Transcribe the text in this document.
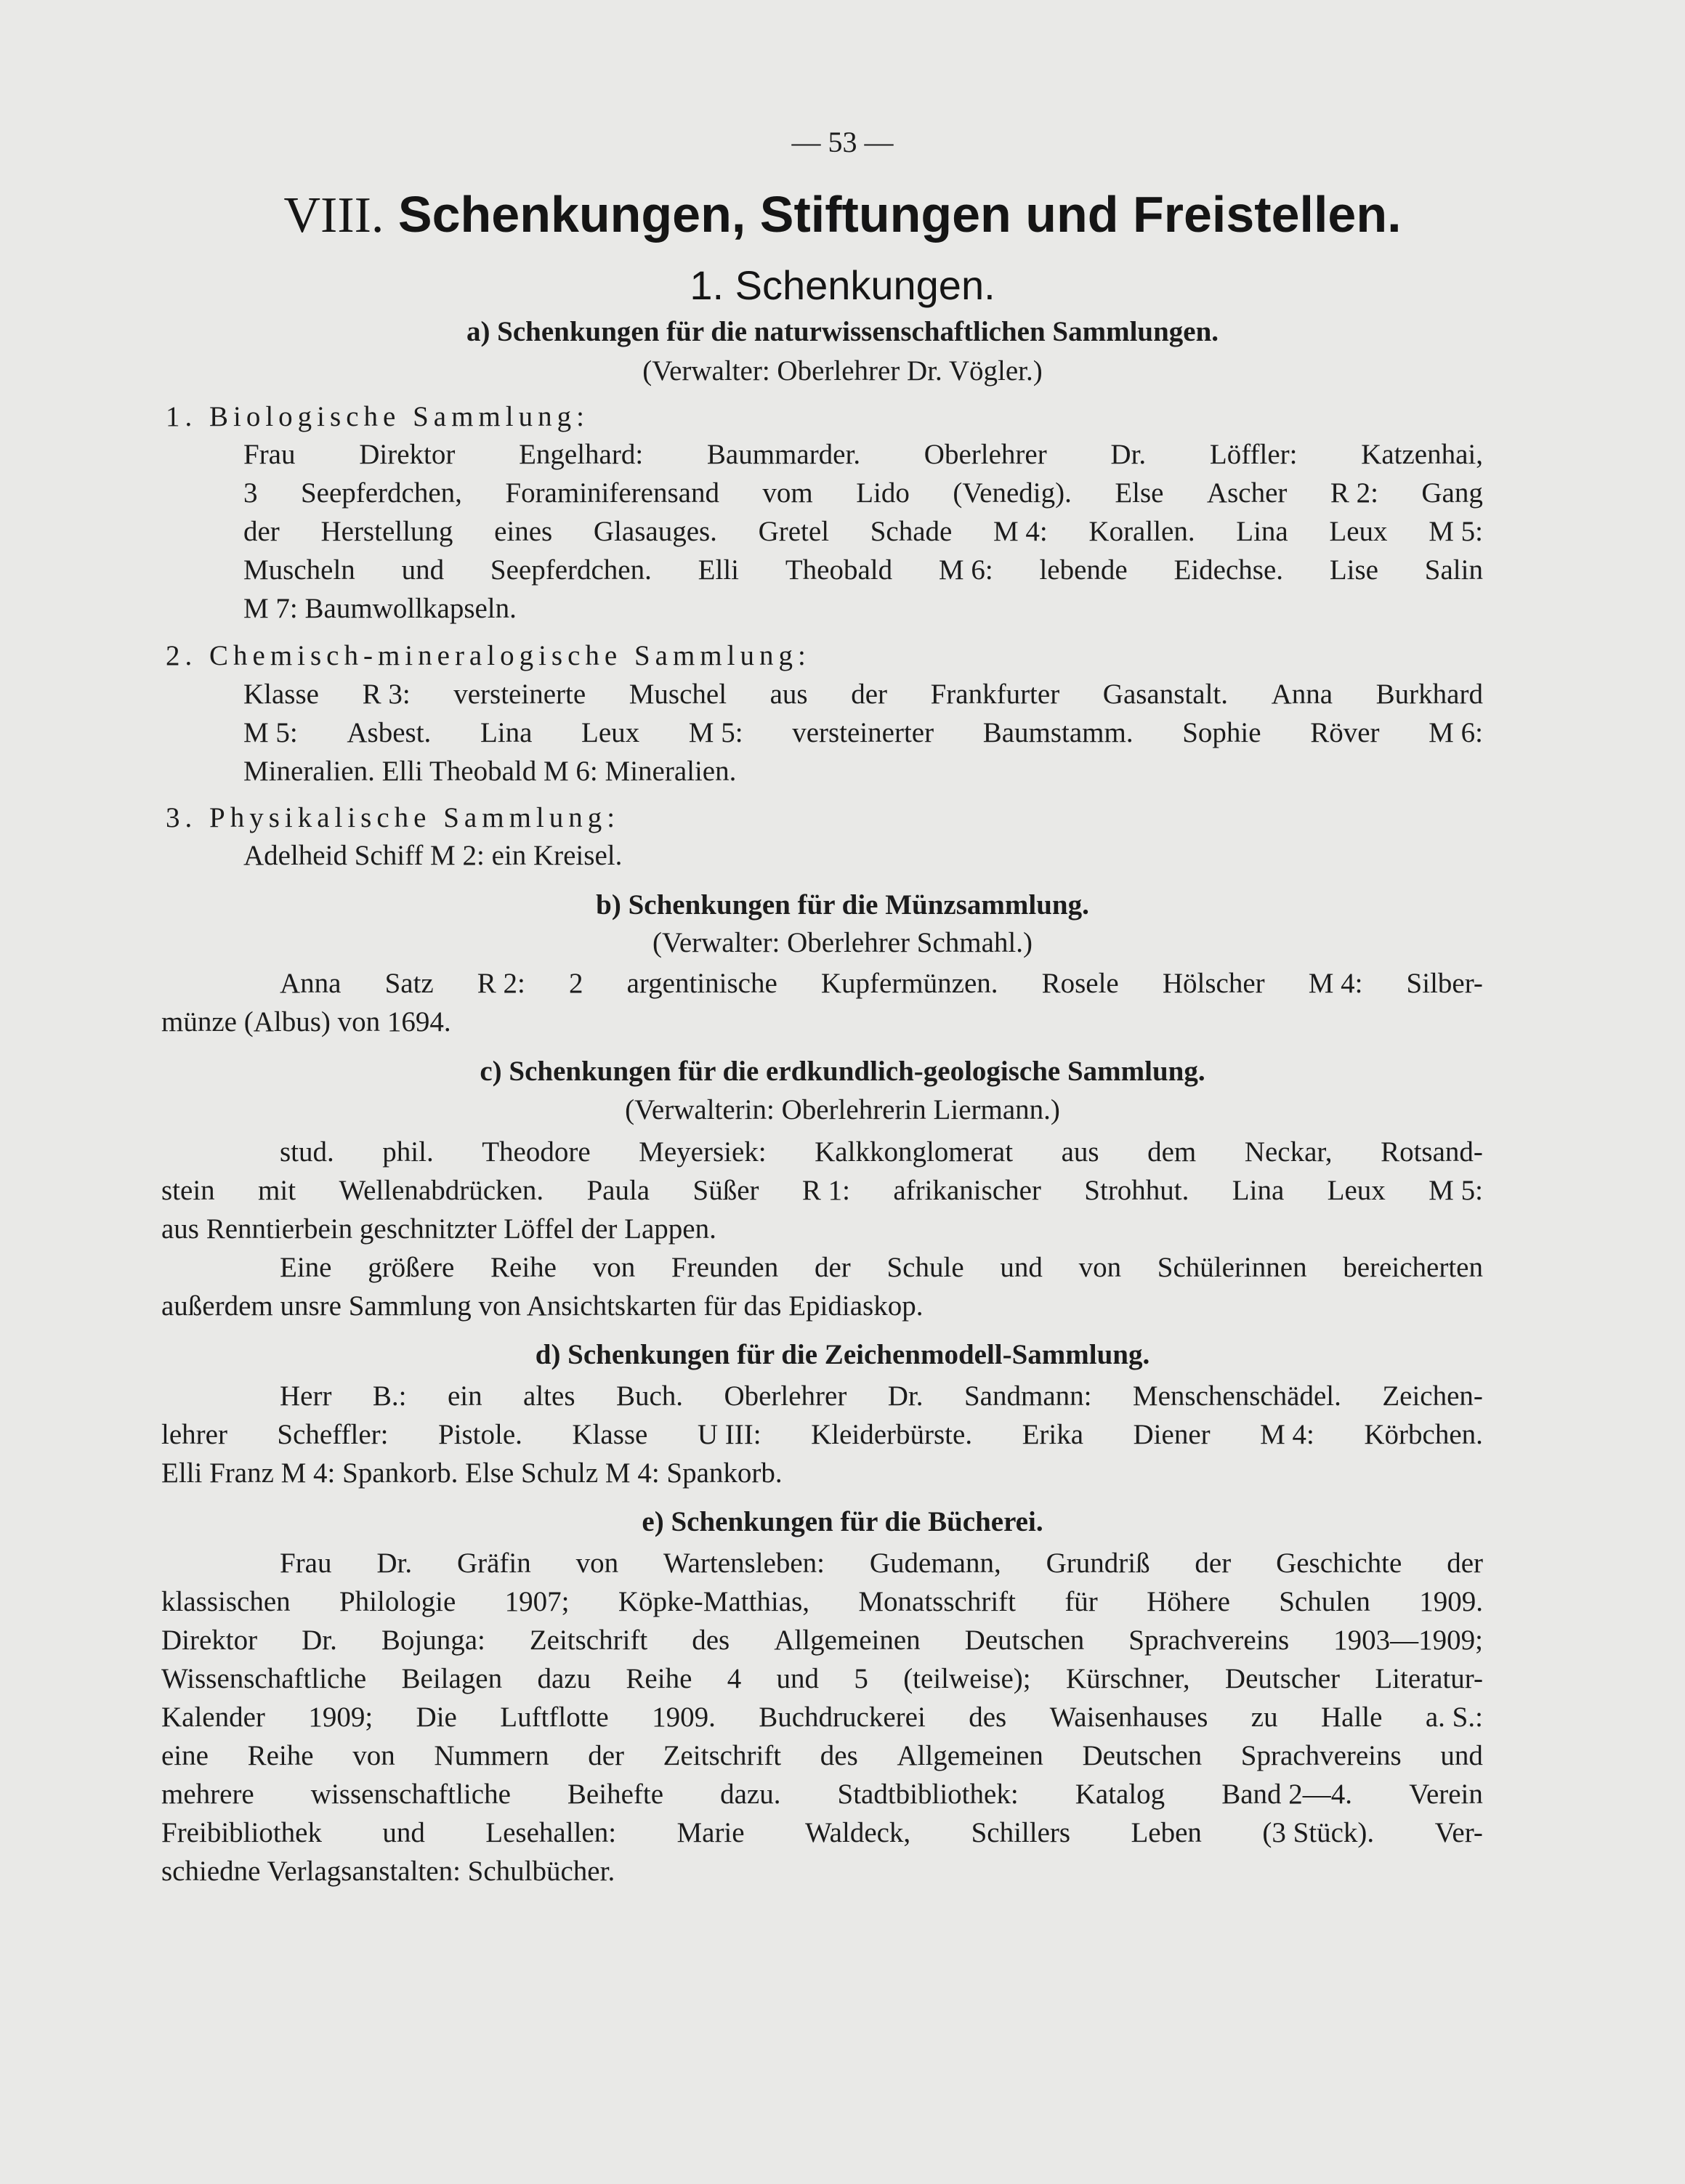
— 53 —
VIII. Schenkungen, Stiftungen und Freistellen.
1. Schenkungen.
a) Schenkungen für die naturwissenschaftlichen Sammlungen.
(Verwalter: Oberlehrer Dr. Vögler.)
1. Biologische Sammlung:
Frau Direktor Engelhard: Baummarder. Oberlehrer Dr. Löffler: Katzenhai,
3 Seepferdchen, Foraminiferensand vom Lido (Venedig). Else Ascher R 2: Gang
der Herstellung eines Glasauges. Gretel Schade M 4: Korallen. Lina Leux M 5:
Muscheln und Seepferdchen. Elli Theobald M 6: lebende Eidechse. Lise Salin
M 7: Baumwollkapseln.
2. Chemisch-mineralogische Sammlung:
Klasse R 3: versteinerte Muschel aus der Frankfurter Gasanstalt. Anna Burkhard
M 5: Asbest. Lina Leux M 5: versteinerter Baumstamm. Sophie Röver M 6:
Mineralien. Elli Theobald M 6: Mineralien.
3. Physikalische Sammlung:
Adelheid Schiff M 2: ein Kreisel.
b) Schenkungen für die Münzsammlung.
(Verwalter: Oberlehrer Schmahl.)
Anna Satz R 2: 2 argentinische Kupfermünzen. Rosele Hölscher M 4: Silber-
münze (Albus) von 1694.
c) Schenkungen für die erdkundlich-geologische Sammlung.
(Verwalterin: Oberlehrerin Liermann.)
stud. phil. Theodore Meyersiek: Kalkkonglomerat aus dem Neckar, Rotsand-
stein mit Wellenabdrücken. Paula Süßer R 1: afrikanischer Strohhut. Lina Leux M 5:
aus Renntierbein geschnitzter Löffel der Lappen.
Eine größere Reihe von Freunden der Schule und von Schülerinnen bereicherten
außerdem unsre Sammlung von Ansichtskarten für das Epidiaskop.
d) Schenkungen für die Zeichenmodell-Sammlung.
Herr B.: ein altes Buch. Oberlehrer Dr. Sandmann: Menschenschädel. Zeichen-
lehrer Scheffler: Pistole. Klasse U III: Kleiderbürste. Erika Diener M 4: Körbchen.
Elli Franz M 4: Spankorb. Else Schulz M 4: Spankorb.
e) Schenkungen für die Bücherei.
Frau Dr. Gräfin von Wartensleben: Gudemann, Grundriß der Geschichte der
klassischen Philologie 1907; Köpke-Matthias, Monatsschrift für Höhere Schulen 1909.
Direktor Dr. Bojunga: Zeitschrift des Allgemeinen Deutschen Sprachvereins 1903—1909;
Wissenschaftliche Beilagen dazu Reihe 4 und 5 (teilweise); Kürschner, Deutscher Literatur-
Kalender 1909; Die Luftflotte 1909. Buchdruckerei des Waisenhauses zu Halle a. S.:
eine Reihe von Nummern der Zeitschrift des Allgemeinen Deutschen Sprachvereins und
mehrere wissenschaftliche Beihefte dazu. Stadtbibliothek: Katalog Band 2—4. Verein
Freibibliothek und Lesehallen: Marie Waldeck, Schillers Leben (3 Stück). Ver-
schiedne Verlagsanstalten: Schulbücher.
